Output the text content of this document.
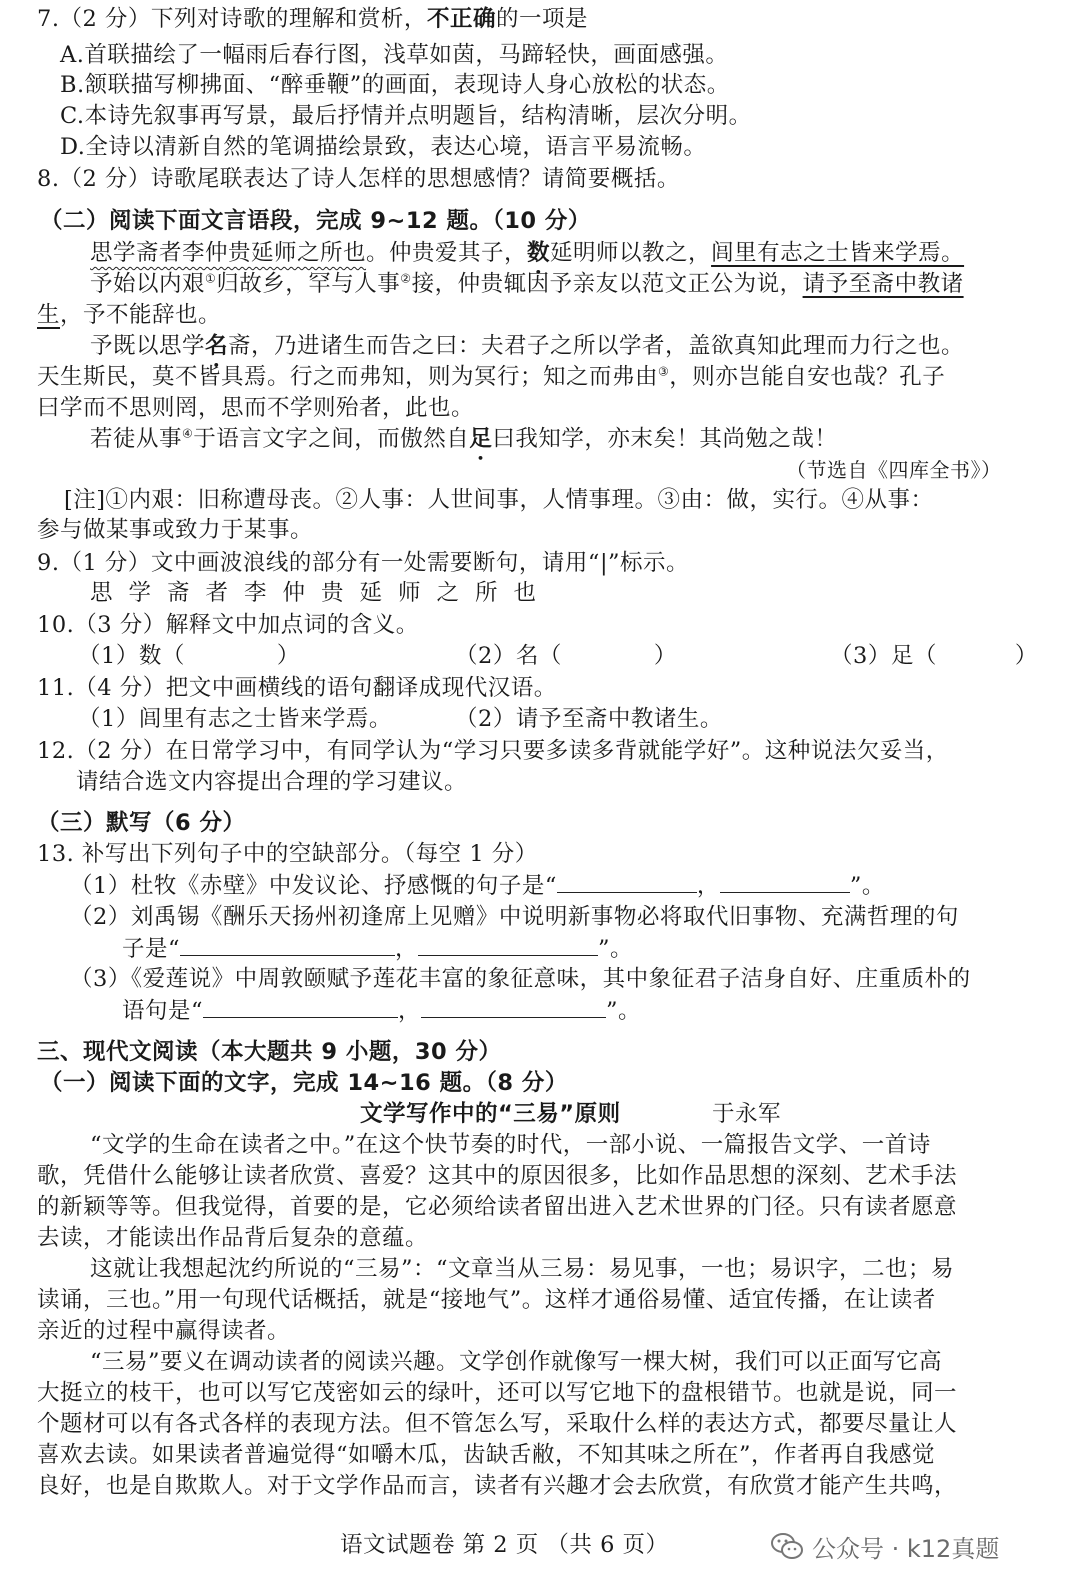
7.（2 分）下列对诗歌的理解和赏析，不正确的一项是
A.首联描绘了一幅雨后春行图，浅草如茵，马蹄轻快，画面感强。
B.颔联描写柳拂面、“醉垂鞭”的画面，表现诗人身心放松的状态。
C.本诗先叙事再写景，最后抒情并点明题旨，结构清晰，层次分明。
D.全诗以清新自然的笔调描绘景致，表达心境，语言平易流畅。
8.（2 分）诗歌尾联表达了诗人怎样的思想感情？请简要概括。
（二）阅读下面文言语段，完成 9~12 题。（10 分）
思学斋者李仲贵延师之所也。仲贵爱其子，数延明师以教之，闾里有志之士皆来学焉。
予始以内艰①归故乡，罕与人事②接，仲贵辄因予亲友以范文正公为说，请予至斋中教诸
生，予不能辞也。
予既以思学名斋，乃进诸生而告之曰：夫君子之所以学者，盖欲真知此理而力行之也。
天生斯民，莫不皆具焉。行之而弗知，则为冥行；知之而弗由③，则亦岂能自安也哉？孔子
曰学而不思则罔，思而不学则殆者，此也。
若徒从事④于语言文字之间，而傲然自足曰我知学，亦末矣！其尚勉之哉！
（节选自《四库全书》）
[注]①内艰：旧称遭母丧。②人事：人世间事，人情事理。③由：做，实行。④从事：
参与做某事或致力于某事。
9.（1 分）文中画波浪线的部分有一处需要断句，请用“|”标示。
思学斋者李仲贵延师之所也
10.（3 分）解释文中加点词的含义。
（1）数（	）	（2）名（	）	（3）足（	）
11.（4 分）把文中画横线的语句翻译成现代汉语。
（1）闾里有志之士皆来学焉。	（2）请予至斋中教诸生。
12.（2 分）在日常学习中，有同学认为“学习只要多读多背就能学好”。这种说法欠妥当，
请结合选文内容提出合理的学习建议。
（三）默写（6 分）
13. 补写出下列句子中的空缺部分。（每空 1 分）
（1）杜牧《赤壁》中发议论、抒感慨的句子是“	，	”。
（2）刘禹锡《酬乐天扬州初逢席上见赠》中说明新事物必将取代旧事物、充满哲理的句
子是“	，	”。
（3）《爱莲说》中周敦颐赋予莲花丰富的象征意味，其中象征君子洁身自好、庄重质朴的
语句是“	，	”。
三、现代文阅读（本大题共 9 小题，30 分）
（一）阅读下面的文字，完成 14~16 题。（8 分）
文学写作中的“三易”原则	于永军
“文学的生命在读者之中。”在这个快节奏的时代，一部小说、一篇报告文学、一首诗
歌，凭借什么能够让读者欣赏、喜爱？这其中的原因很多，比如作品思想的深刻、艺术手法
的新颖等等。但我觉得，首要的是，它必须给读者留出进入艺术世界的门径。只有读者愿意
去读，才能读出作品背后复杂的意蕴。
这就让我想起沈约所说的“三易”：“文章当从三易：易见事，一也；易识字，二也；易
读诵，三也。”用一句现代话概括，就是“接地气”。这样才通俗易懂、适宜传播，在让读者
亲近的过程中赢得读者。
“三易”要义在调动读者的阅读兴趣。文学创作就像写一棵大树，我们可以正面写它高
大挺立的枝干，也可以写它茂密如云的绿叶，还可以写它地下的盘根错节。也就是说，同一
个题材可以有各式各样的表现方法。但不管怎么写，采取什么样的表达方式，都要尽量让人
喜欢去读。如果读者普遍觉得“如嚼木瓜，齿缺舌敝，不知其味之所在”，作者再自我感觉
良好，也是自欺欺人。对于文学作品而言，读者有兴趣才会去欣赏，有欣赏才能产生共鸣，
语文试题卷 第 2 页 （共 6 页）	公众号 · k12真题
